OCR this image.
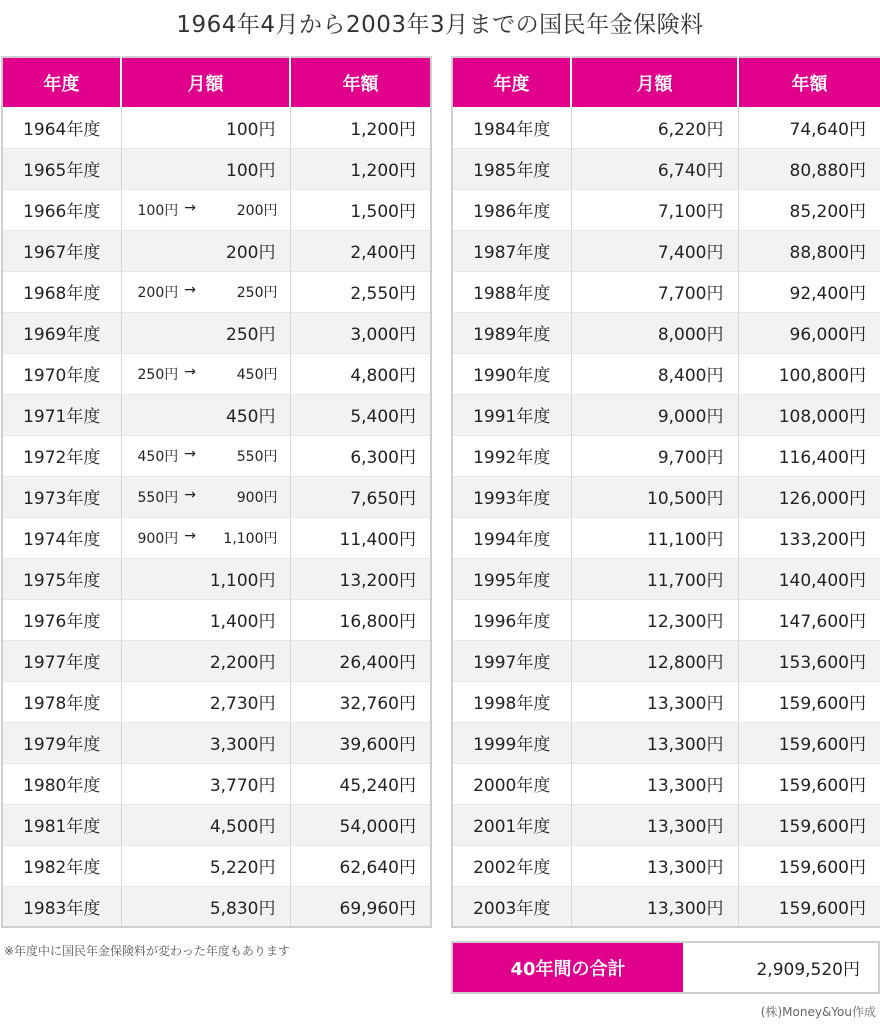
1964年4月から2003年3月までの国民年金保険料
年度	月額	年額
1964年度	100円	1,200円
1965年度	100円	1,200円
1966年度	100円 → 200円	1,500円
1967年度	200円	2,400円
1968年度	200円 → 250円	2,550円
1969年度	250円	3,000円
1970年度	250円 → 450円	4,800円
1971年度	450円	5,400円
1972年度	450円 → 550円	6,300円
1973年度	550円 → 900円	7,650円
1974年度	900円 → 1,100円	11,400円
1975年度	1,100円	13,200円
1976年度	1,400円	16,800円
1977年度	2,200円	26,400円
1978年度	2,730円	32,760円
1979年度	3,300円	39,600円
1980年度	3,770円	45,240円
1981年度	4,500円	54,000円
1982年度	5,220円	62,640円
1983年度	5,830円	69,960円
年度	月額	年額
1984年度	6,220円	74,640円
1985年度	6,740円	80,880円
1986年度	7,100円	85,200円
1987年度	7,400円	88,800円
1988年度	7,700円	92,400円
1989年度	8,000円	96,000円
1990年度	8,400円	100,800円
1991年度	9,000円	108,000円
1992年度	9,700円	116,400円
1993年度	10,500円	126,000円
1994年度	11,100円	133,200円
1995年度	11,700円	140,400円
1996年度	12,300円	147,600円
1997年度	12,800円	153,600円
1998年度	13,300円	159,600円
1999年度	13,300円	159,600円
2000年度	13,300円	159,600円
2001年度	13,300円	159,600円
2002年度	13,300円	159,600円
2003年度	13,300円	159,600円
※年度中に国民年金保険料が変わった年度もあります
40年間の合計	2,909,520円
(株)Money&You作成
